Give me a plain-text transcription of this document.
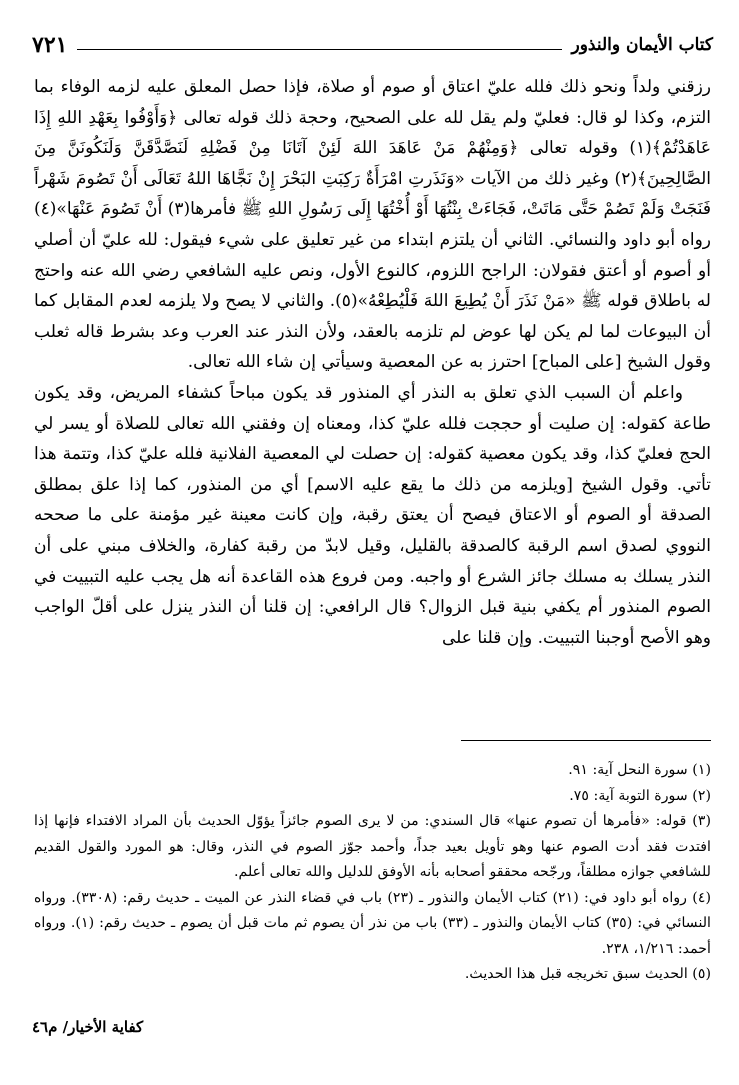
كتاب الأيمان والنذور
٧٢١

رزقني ولداً ونحو ذلك فلله عليّ اعتاق أو صوم أو صلاة، فإذا حصل المعلق عليه لزمه الوفاء بما التزم، وكذا لو قال: فعليّ ولم يقل لله على الصحيح، وحجة ذلك قوله تعالى ﴿وَأَوْفُوا بِعَهْدِ اللهِ إِذَا عَاهَدْتُمْ﴾(١) وقوله تعالى ﴿وَمِنْهُمْ مَنْ عَاهَدَ اللهَ لَئِنْ آتَانَا مِنْ فَضْلِهِ لَنَصَّدَّقَنَّ وَلَنَكُونَنَّ مِنَ الصَّالِحِينَ﴾(٢) وغير ذلك من الآيات «وَنَذَرتِ امْرَأَةٌ رَكِبَتِ البَحْرَ إِنْ نَجَّاهَا اللهُ تَعَالَى أَنْ تَصُومَ شَهْراً فَنَجَتْ وَلَمْ تَصُمْ حَتَّى مَاتَتْ، فَجَاءَتْ بِنْتُهَا أَوْ أُخْتُهَا إِلَى رَسُولِ اللهِ ﷺ فأمرها(٣) أَنْ تَصُومَ عَنْهَا»(٤) رواه أبو داود والنسائي. الثاني أن يلتزم ابتداء من غير تعليق على شيء فيقول: لله عليّ أن أصلي أو أصوم أو أعتق فقولان: الراجح اللزوم، كالنوع الأول، ونص عليه الشافعي رضي الله عنه واحتج له باطلاق قوله ﷺ «مَنْ نَذَرَ أَنْ يُطِيعَ اللهَ فَلْيُطِعْهُ»(٥). والثاني لا يصح ولا يلزمه لعدم المقابل كما أن البيوعات لما لم يكن لها عوض لم تلزمه بالعقد، ولأن النذر عند العرب وعد بشرط قاله ثعلب وقول الشيخ [على المباح] احترز به عن المعصية وسيأتي إن شاء الله تعالى.

واعلم أن السبب الذي تعلق به النذر أي المنذور قد يكون مباحاً كشفاء المريض، وقد يكون طاعة كقوله: إن صليت أو حججت فلله عليّ كذا، ومعناه إن وفقني الله تعالى للصلاة أو يسر لي الحج فعليّ كذا، وقد يكون معصية كقوله: إن حصلت لي المعصية الفلانية فلله عليّ كذا، وتتمة هذا تأتي. وقول الشيخ [ويلزمه من ذلك ما يقع عليه الاسم] أي من المنذور، كما إذا علق بمطلق الصدقة أو الصوم أو الاعتاق فيصح أن يعتق رقبة، وإن كانت معينة غير مؤمنة على ما صححه النووي لصدق اسم الرقبة كالصدقة بالقليل، وقيل لابدّ من رقبة كفارة، والخلاف مبني على أن النذر يسلك به مسلك جائز الشرع أو واجبه. ومن فروع هذه القاعدة أنه هل يجب عليه التبييت في الصوم المنذور أم يكفي بنية قبل الزوال؟ قال الرافعي: إن قلنا أن النذر ينزل على أقلّ الواجب وهو الأصح أوجبنا التبييت. وإن قلنا على

(١) سورة النحل آية: ٩١.

(٢) سورة التوبة آية: ٧٥.

(٣) قوله: «فأمرها أن تصوم عنها» قال السندي: من لا يرى الصوم جائزاً يؤوّل الحديث بأن المراد الافتداء فإنها إذا افتدت فقد أدت الصوم عنها وهو تأويل بعيد جداً، وأحمد جوّز الصوم في النذر، وقال: هو المورد والقول القديم للشافعي جوازه مطلقاً، ورجّحه محققو أصحابه بأنه الأوفق للدليل والله تعالى أعلم.

(٤) رواه أبو داود في: (٢١) كتاب الأيمان والنذور ـ (٢٣) باب في قضاء النذر عن الميت ـ حديث رقم: (٣٣٠٨). ورواه النسائي في: (٣٥) كتاب الأيمان والنذور ـ (٣٣) باب من نذر أن يصوم ثم مات قبل أن يصوم ـ حديث رقم: (١). ورواه أحمد: ١/٢١٦، ٢٣٨.

(٥) الحديث سبق تخريجه قبل هذا الحديث.

كفاية الأخيار/ م٤٦
